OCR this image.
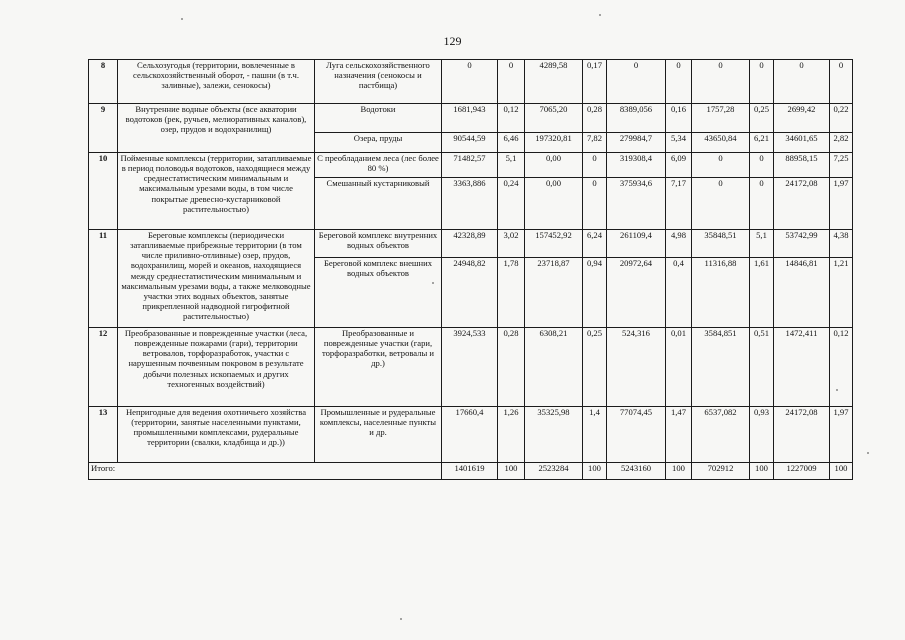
129
8	Сельхозугодья (территории, вовлеченные в сельскохозяйственный оборот, - пашни (в т.ч. заливные), залежи, сенокосы)	Луга сельскохозяйственного назначения (сенокосы и пастбища)	0	0	4289,58	0,17	0	0	0	0	0	0
9	Внутренние водные объекты (все акватории водотоков (рек, ручьев, мелиоративных каналов), озер, прудов и водохранилищ)	Водотоки	1681,943	0,12	7065,20	0,28	8389,056	0,16	1757,28	0,25	2699,42	0,22
		Озера, пруды	90544,59	6,46	197320,81	7,82	279984,7	5,34	43650,84	6,21	34601,65	2,82
10	Пойменные комплексы (территории, затапливаемые в период половодья водотоков, находящиеся между среднестатистическим минимальным и максимальным урезами воды, в том числе покрытые древесно-кустарниковой растительностью)	С преобладанием леса (лес более 80 %)	71482,57	5,1	0,00	0	319308,4	6,09	0	0	88958,15	7,25
		Смешанный кустарниковый	3363,886	0,24	0,00	0	375934,6	7,17	0	0	24172,08	1,97
11	Береговые комплексы (периодически затапливаемые прибрежные территории (в том числе приливно-отливные) озер, прудов, водохранилищ, морей и океанов, находящиеся между среднестатистическим минимальным и максимальным урезами воды, а также мелководные участки этих водных объектов, занятые прикрепленной надводной гигрофитной растительностью)	Береговой комплекс внутренних водных объектов	42328,89	3,02	157452,92	6,24	261109,4	4,98	35848,51	5,1	53742,99	4,38
		Береговой комплекс внешних водных объектов	24948,82	1,78	23718,87	0,94	20972,64	0,4	11316,88	1,61	14846,81	1,21
12	Преобразованные и поврежденные участки (леса, поврежденные пожарами (гари), территории ветровалов, торфоразработок, участки с нарушенным почвенным покровом в результате добычи полезных ископаемых и других техногенных воздействий)	Преобразованные и поврежденные участки (гари, торфоразработки, ветровалы и др.)	3924,533	0,28	6308,21	0,25	524,316	0,01	3584,851	0,51	1472,411	0,12
13	Непригодные для ведения охотничьего хозяйства (территории, занятые населенными пунктами, промышленными комплексами, рудеральные территории (свалки, кладбища и др.))	Промышленные и рудеральные комплексы, населенные пункты и др.	17660,4	1,26	35325,98	1,4	77074,45	1,47	6537,082	0,93	24172,08	1,97
Итого:			1401619	100	2523284	100	5243160	100	702912	100	1227009	100
